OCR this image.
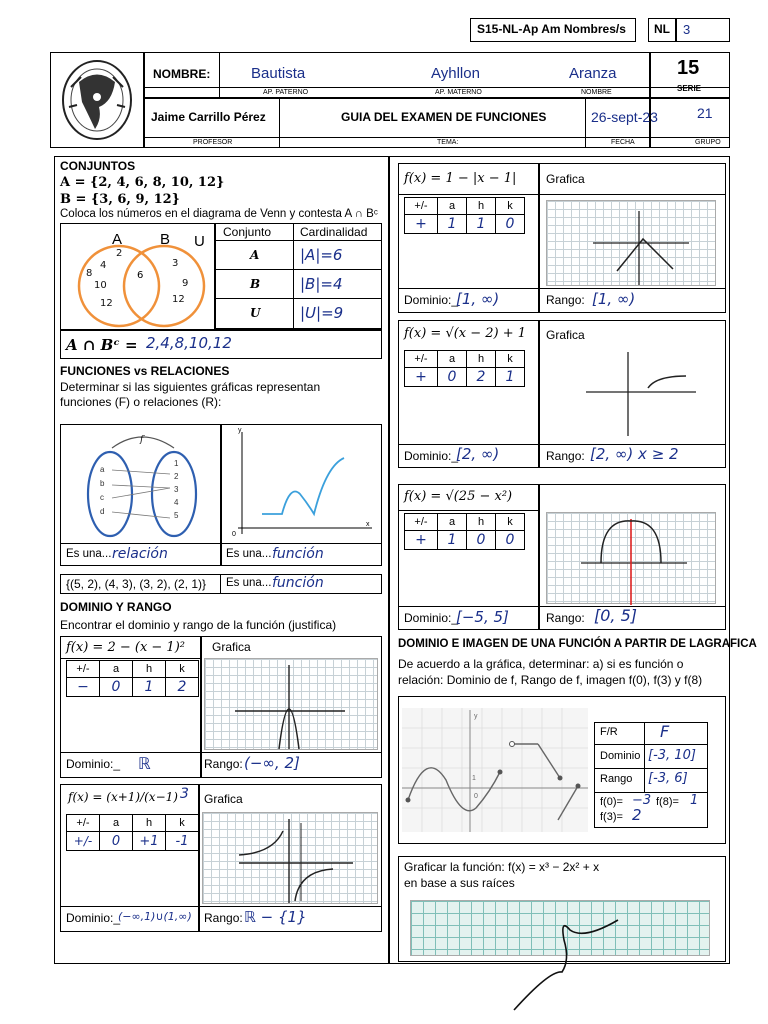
S15-NL-Ap Am Nombres/s NL 3
NOMBRE:	Bautista	Ayhllon	Aranza
AP. PATERNO	AP. MATERNO	NOMBRE
15
SERIE
Jaime Carrillo Pérez	GUIA DEL EXAMEN DE FUNCIONES	26-sept-23	21
PROFESOR	TEMA:	FECHA	GRUPO
CONJUNTOS
A = {2, 4, 6, 8, 10, 12}
B = {3, 6, 9, 12}
Coloca los números en el diagrama de Venn y contesta A ∩ Bᶜ
A	B U
2
4
8
10
12
6
3
9
12
Conjunto Cardinalidad
A	|A|=6
B	|B|=4
U	|U|=9
A ∩ Bᶜ = 2,4,8,10,12
FUNCIONES vs RELACIONES
Determinar si las siguientes gráficas representan funciones (F) o relaciones (R):
f
a
b
c
d
1
2
3
4
5
y
x
0
Es una... relación	Es una... función
{(5, 2), (4, 3), (3, 2), (2, 1)} Es una... función
DOMINIO Y RANGO
Encontrar el dominio y rango de la función (justifica)
f(x) = 2 − (x − 1)² Grafica
+/-	a	h	k
−	0	1	2
Dominio:_ ℝ	Rango: (−∞, 2]
f(x) = (x+1)/(x−1) 3 Grafica
+/-	a	h	k
+/-	0	+1	-1
Dominio:_
(−∞,1)∪(1,∞) Rango: ℝ − {1}
f(x) = 1 − |x − 1| Grafica
+/-	a	h	k
+	1	1	0
Dominio:_
[1, ∞)	Rango: [1, ∞)
f(x) = √(x − 2) + 1 Grafica
+/-	a	h	k
+	0	2	1
Dominio:_
[2, ∞)	Rango: [2, ∞) x ≥ 2
f(x) = √(25 − x²)
+/-	a	h	k
+	1	0	0
Dominio:_
[−5, 5]	Rango: [0, 5]
DOMINIO E IMAGEN DE UNA FUNCIÓN A PARTIR DE LAGRAFICA
De acuerdo a la gráfica, determinar: a) si es función o relación: Dominio de f, Rango de f, imagen f(0), f(3) y f(8)
y
1
0
F/R	F
Dominio [-3, 10]
Rango [-3, 6]
f(0)= −3 f(8)= 1
f(3)= 2
Graficar la función: f(x) = x³ − 2x² + x
en base a sus raíces
